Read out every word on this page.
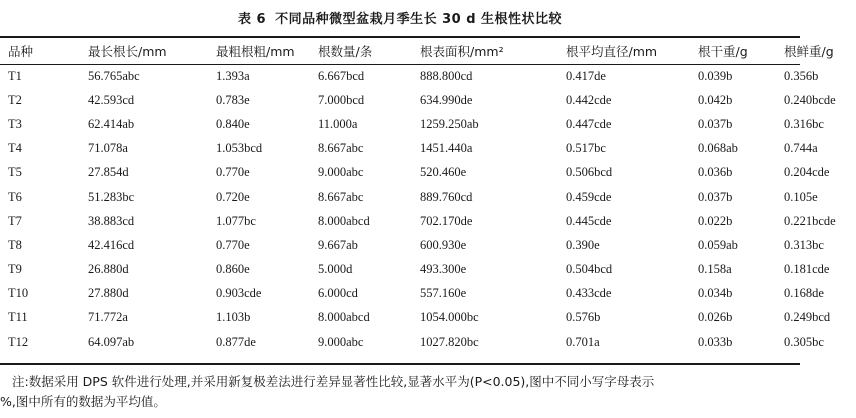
表 6 不同品种微型盆栽月季生长 30 d 生根性状比较
品种	最长根长/mm	最粗根粗/mm	根数量/条	根表面积/mm²	根平均直径/mm	根干重/g	根鲜重/g
T1	56.765abc	1.393a	6.667bcd	888.800cd	0.417de	0.039b	0.356b
T2	42.593cd	0.783e	7.000bcd	634.990de	0.442cde	0.042b	0.240bcde
T3	62.414ab	0.840e	11.000a	1259.250ab	0.447cde	0.037b	0.316bc
T4	71.078a	1.053bcd	8.667abc	1451.440a	0.517bc	0.068ab	0.744a
T5	27.854d	0.770e	9.000abc	520.460e	0.506bcd	0.036b	0.204cde
T6	51.283bc	0.720e	8.667abc	889.760cd	0.459cde	0.037b	0.105e
T7	38.883cd	1.077bc	8.000abcd	702.170de	0.445cde	0.022b	0.221bcde
T8	42.416cd	0.770e	9.667ab	600.930e	0.390e	0.059ab	0.313bc
T9	26.880d	0.860e	5.000d	493.300e	0.504bcd	0.158a	0.181cde
T10	27.880d	0.903cde	6.000cd	557.160e	0.433cde	0.034b	0.168de
T11	71.772a	1.103b	8.000abcd	1054.000bc	0.576b	0.026b	0.249bcd
T12	64.097ab	0.877de	9.000abc	1027.820bc	0.701a	0.033b	0.305bc
注:数据采用 DPS 软件进行处理,并采用新复极差法进行差异显著性比较,显著水平为(P<0.05),图中不同小写字母表示
%,图中所有的数据为平均值。
